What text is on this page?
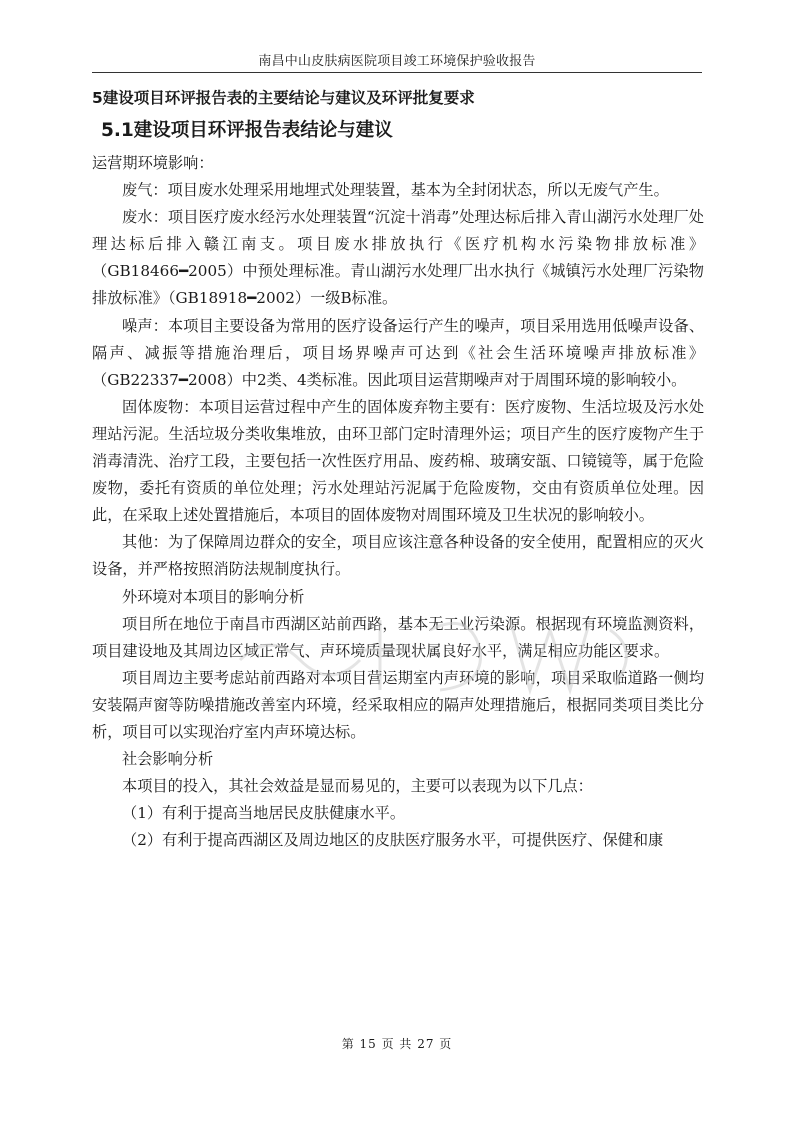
南昌中山皮肤病医院项目竣工环境保护验收报告
5建设项目环评报告表的主要结论与建议及环评批复要求
5.1建设项目环评报告表结论与建议

运营期环境影响：

废气：项目废水处理采用地埋式处理装置，基本为全封闭状态，所以无废气产生。

废水：项目医疗废水经污水处理装置“沉淀十消毒”处理达标后排入青山湖污水处理厂处理达标后排入赣江南支。项目废水排放执行《医疗机构水污染物排放标准》（GB18466━2005）中预处理标准。青山湖污水处理厂出水执行《城镇污水处理厂污染物排放标准》（GB18918━2002）一级B标准。

噪声：本项目主要设备为常用的医疗设备运行产生的噪声，项目采用选用低噪声设备、隔声、减振等措施治理后，项目场界噪声可达到《社会生活环境噪声排放标准》（GB22337━2008）中2类、4类标准。因此项目运营期噪声对于周围环境的影响较小。

固体废物：本项目运营过程中产生的固体废弃物主要有：医疗废物、生活垃圾及污水处理站污泥。生活垃圾分类收集堆放，由环卫部门定时清理外运；项目产生的医疗废物产生于消毒清洗、治疗工段，主要包括一次性医疗用品、废药棉、玻璃安瓿、口镜镜等，属于危险废物，委托有资质的单位处理；污水处理站污泥属于危险废物，交由有资质单位处理。因此，在采取上述处置措施后，本项目的固体废物对周围环境及卫生状况的影响较小。

其他：为了保障周边群众的安全，项目应该注意各种设备的安全使用，配置相应的灭火设备，并严格按照消防法规制度执行。

外环境对本项目的影响分析

项目所在地位于南昌市西湖区站前西路，基本无工业污染源。根据现有环境监测资料，项目建设地及其周边区域正常气、声环境质量现状属良好水平，满足相应功能区要求。

项目周边主要考虑站前西路对本项目营运期室内声环境的影响，项目采取临道路一侧均安装隔声窗等防噪措施改善室内环境，经采取相应的隔声处理措施后，根据同类项目类比分析，项目可以实现治疗室内声环境达标。

社会影响分析

本项目的投入，其社会效益是显而易见的，主要可以表现为以下几点：

（1）有利于提高当地居民皮肤健康水平。

（2）有利于提高西湖区及周边地区的皮肤医疗服务水平，可提供医疗、保健和康

第 15 页 共 27 页
